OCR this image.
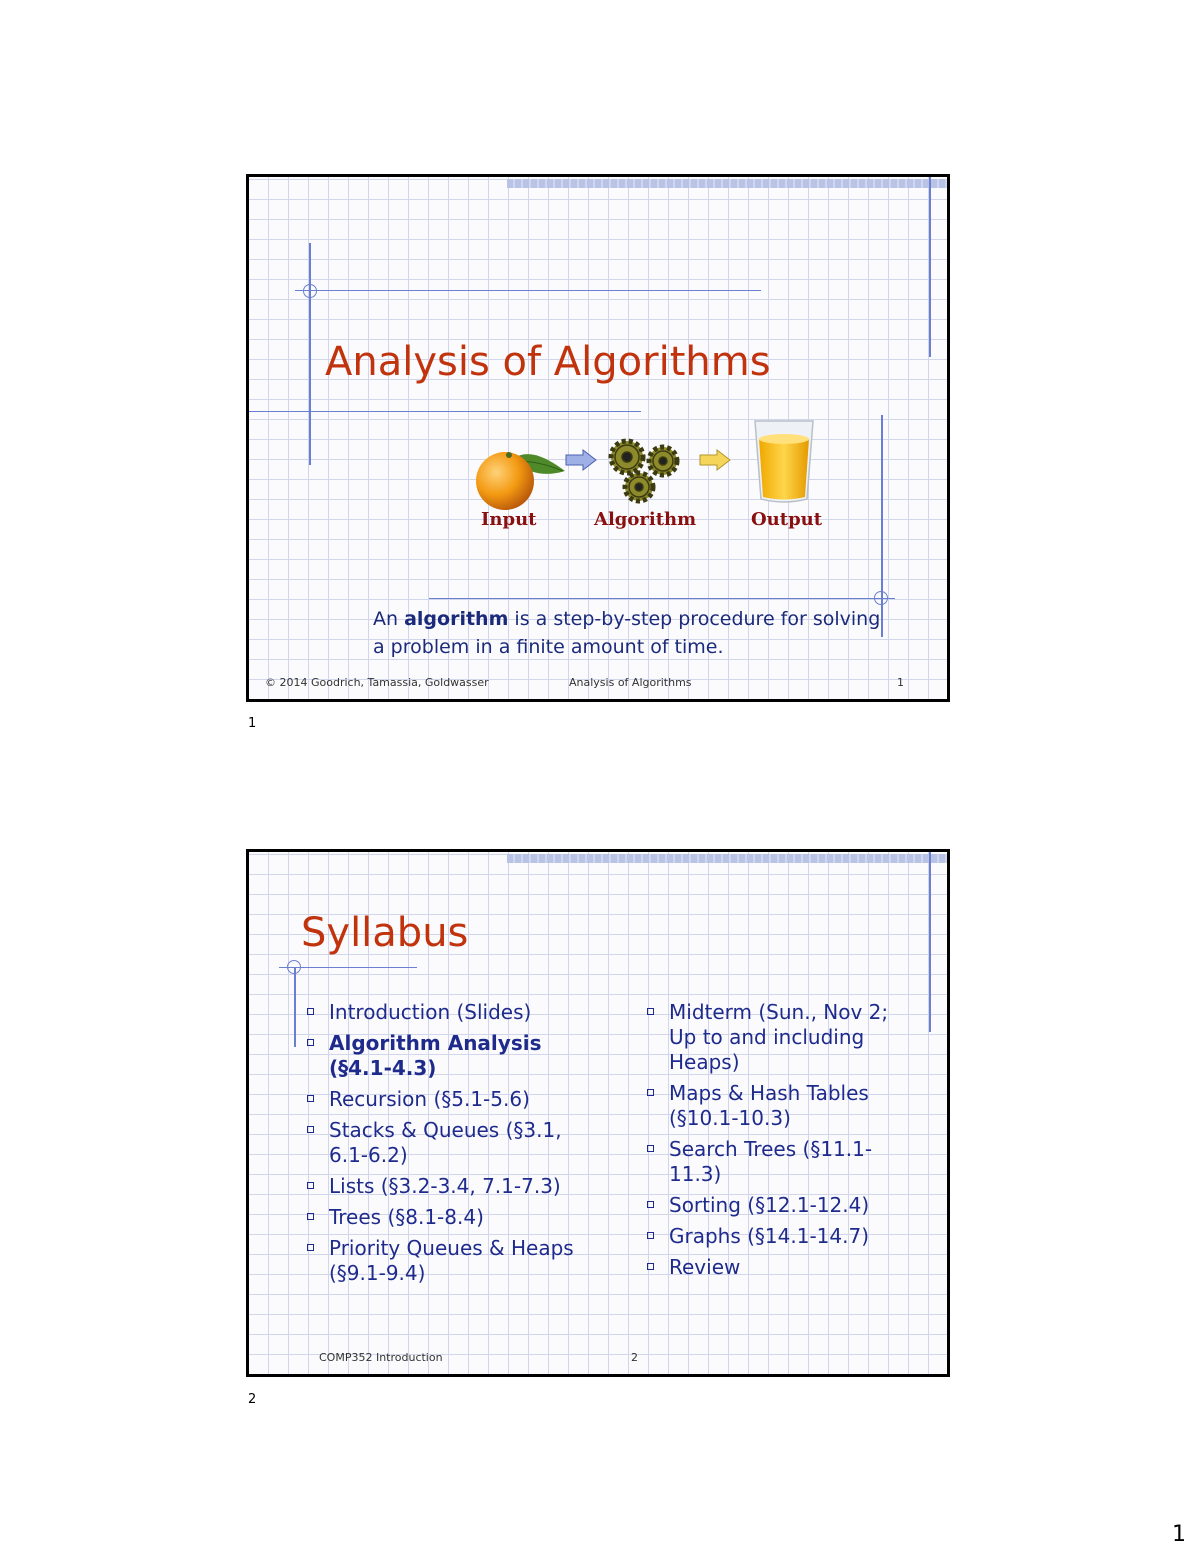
Analysis of Algorithms
Input	Algorithm	Output
An algorithm is a step-by-step procedure for solving a problem in a finite amount of time.
© 2014 Goodrich, Tamassia, Goldwasser	Analysis of Algorithms	1
1
Syllabus
Introduction (Slides)
Algorithm Analysis (§4.1-4.3)
Recursion (§5.1-5.6)
Stacks & Queues (§3.1, 6.1-6.2)
Lists (§3.2-3.4, 7.1-7.3)
Trees (§8.1-8.4)
Priority Queues & Heaps (§9.1-9.4)
Midterm (Sun., Nov 2; Up to and including Heaps)
Maps & Hash Tables (§10.1-10.3)
Search Trees (§11.1-11.3)
Sorting (§12.1-12.4)
Graphs (§14.1-14.7)
Review
COMP352 Introduction	2
2
1
